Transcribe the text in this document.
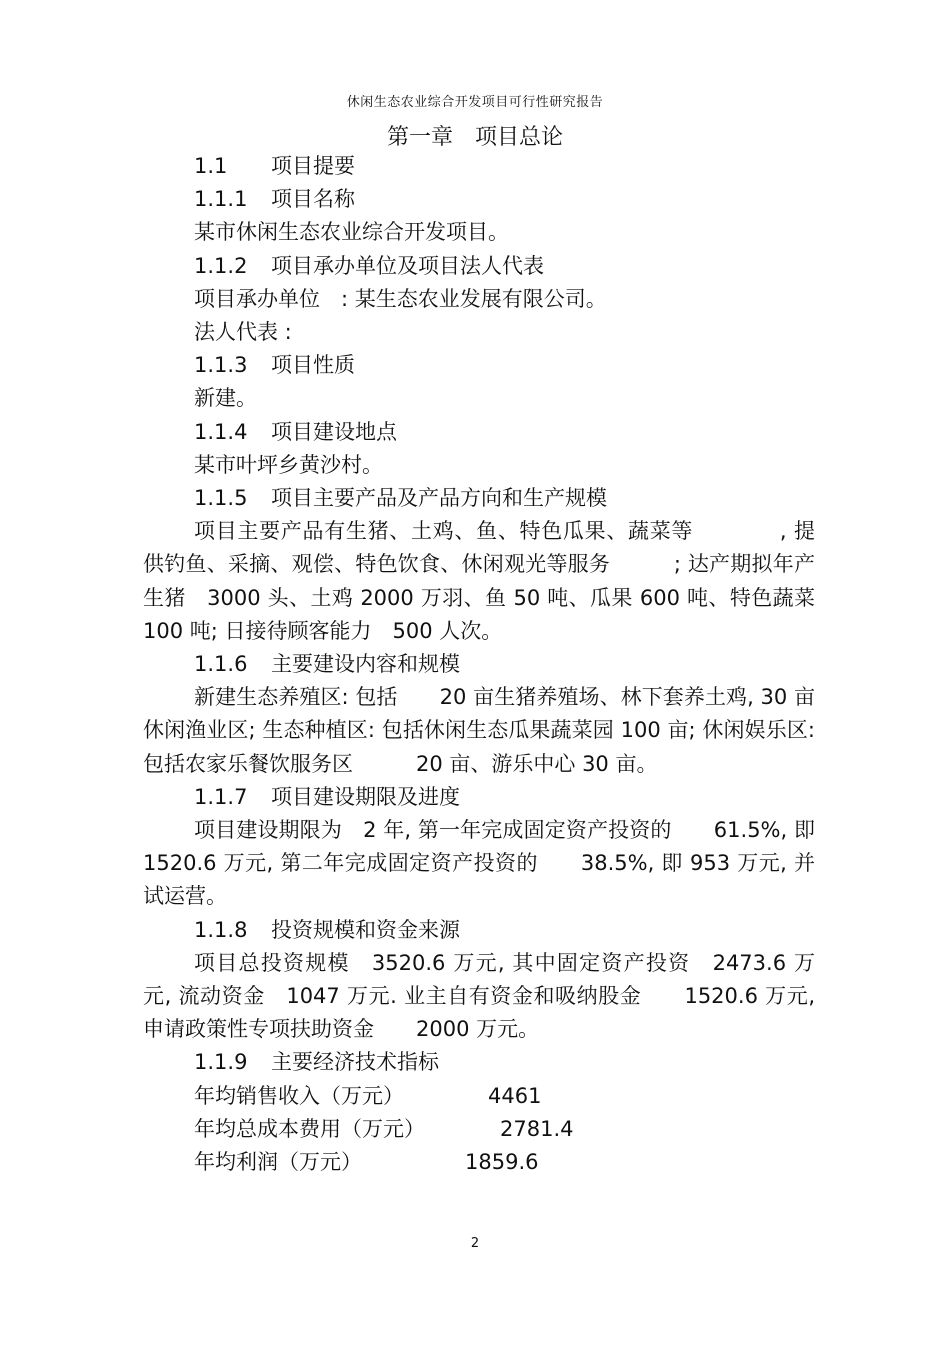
休闲生态农业综合开发项目可行性研究报告
第一章　项目总论

1.1 项目提要

1.1.1 项目名称

某市休闲生态农业综合开发项目。

1.1.2 项目承办单位及项目法人代表

项目承办单位　: 某生态农业发展有限公司。

法人代表 :

1.1.3 项目性质

新建。

1.1.4 项目建设地点

某市叶坪乡黄沙村。

1.1.5 项目主要产品及产品方向和生产规模

项目主要产品有生猪、土鸡、鱼、特色瓜果、蔬菜等　　　　, 提供钓鱼、采摘、观偿、特色饮食、休闲观光等服务　　　; 达产期拟年产生猪　3000 头、土鸡 2000 万羽、鱼 50 吨、瓜果 600 吨、特色蔬菜　100 吨; 日接待顾客能力　500 人次。

1.1.6 主要建设内容和规模

新建生态养殖区: 包括　　20 亩生猪养殖场、林下套养土鸡, 30 亩休闲渔业区; 生态种植区: 包括休闲生态瓜果蔬菜园 100 亩; 休闲娱乐区: 包括农家乐餐饮服务区　　　20 亩、游乐中心 30 亩。

1.1.7 项目建设期限及进度

项目建设期限为　2 年, 第一年完成固定资产投资的　　61.5%, 即 1520.6 万元, 第二年完成固定资产投资的　　38.5%, 即 953 万元, 并试运营。

1.1.8 投资规模和资金来源

项目总投资规模　3520.6 万元, 其中固定资产投资　2473.6 万元, 流动资金　1047 万元. 业主自有资金和吸纳股金　　1520.6 万元, 申请政策性专项扶助资金　　2000 万元。

1.1.9 主要经济技术指标

年均销售收入（万元）	4461
年均总成本费用（万元）	2781.4
年均利润（万元）	1859.6
2
